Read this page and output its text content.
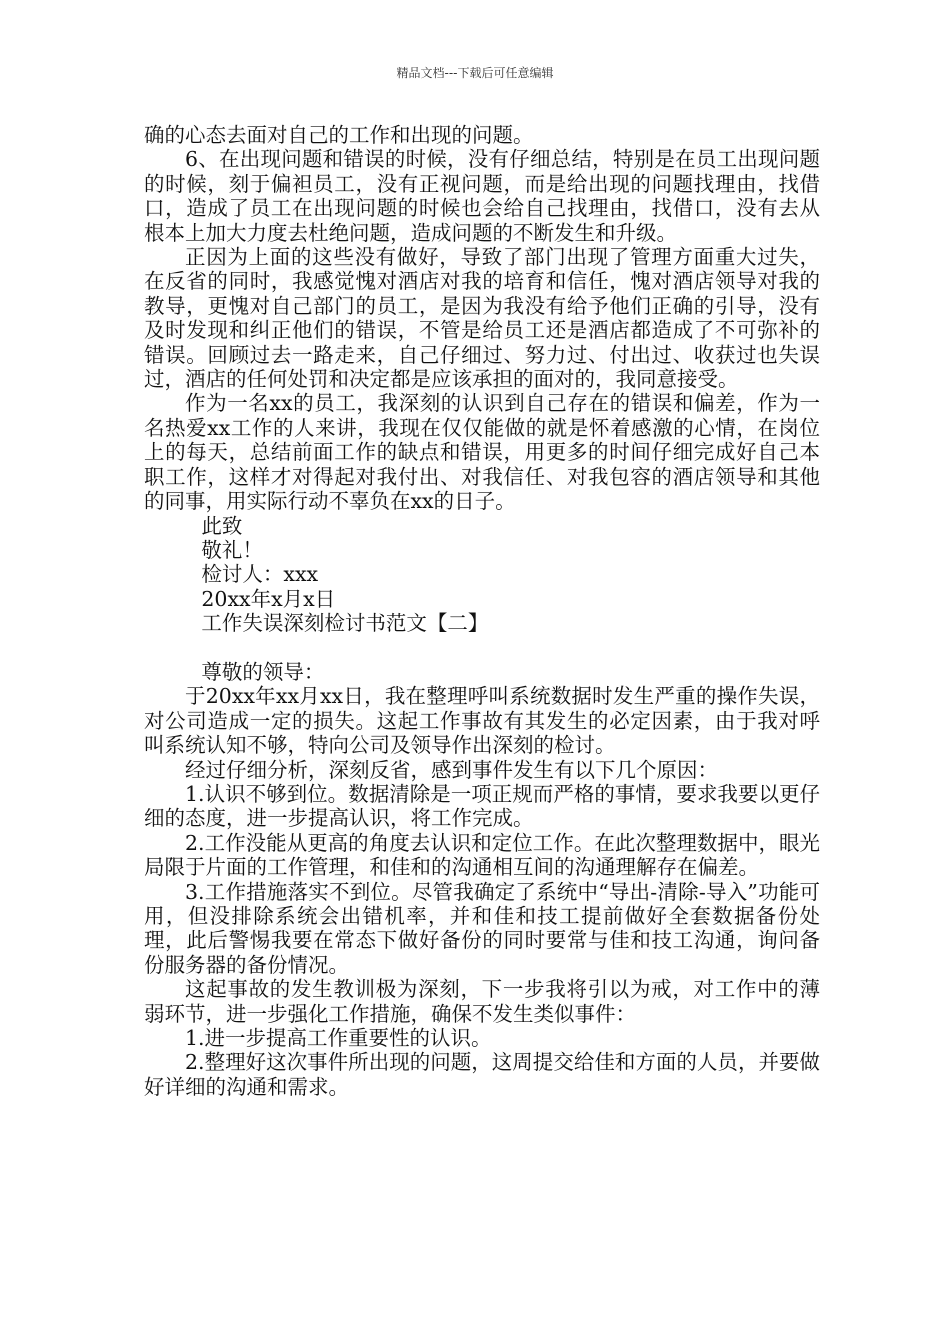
精品文档---下载后可任意编辑

确的心态去面对自己的工作和出现的问题。

6、在出现问题和错误的时候，没有仔细总结，特别是在员工出现问题的时候，刻于偏袒员工，没有正视问题，而是给出现的问题找理由，找借口，造成了员工在出现问题的时候也会给自己找理由，找借口，没有去从根本上加大力度去杜绝问题，造成问题的不断发生和升级。

正因为上面的这些没有做好，导致了部门出现了管理方面重大过失，在反省的同时，我感觉愧对酒店对我的培育和信任，愧对酒店领导对我的教导，更愧对自己部门的员工，是因为我没有给予他们正确的引导，没有及时发现和纠正他们的错误，不管是给员工还是酒店都造成了不可弥补的错误。回顾过去一路走来，自己仔细过、努力过、付出过、收获过也失误过，酒店的任何处罚和决定都是应该承担的面对的，我同意接受。

作为一名xx的员工，我深刻的认识到自己存在的错误和偏差，作为一名热爱xx工作的人来讲，我现在仅仅能做的就是怀着感激的心情，在岗位上的每天，总结前面工作的缺点和错误，用更多的时间仔细完成好自己本职工作，这样才对得起对我付出、对我信任、对我包容的酒店领导和其他的同事，用实际行动不辜负在xx的日子。

此致

敬礼！

检讨人：xxx

20xx年x月x日

工作失误深刻检讨书范文【二】

尊敬的领导：

于20xx年xx月xx日，我在整理呼叫系统数据时发生严重的操作失误，对公司造成一定的损失。这起工作事故有其发生的必定因素，由于我对呼叫系统认知不够，特向公司及领导作出深刻的检讨。

经过仔细分析，深刻反省，感到事件发生有以下几个原因：

1.认识不够到位。数据清除是一项正规而严格的事情，要求我要以更仔细的态度，进一步提高认识，将工作完成。

2.工作没能从更高的角度去认识和定位工作。在此次整理数据中，眼光局限于片面的工作管理，和佳和的沟通相互间的沟通理解存在偏差。

3.工作措施落实不到位。尽管我确定了系统中“导出-清除-导入”功能可用，但没排除系统会出错机率，并和佳和技工提前做好全套数据备份处理，此后警惕我要在常态下做好备份的同时要常与佳和技工沟通，询问备份服务器的备份情况。

这起事故的发生教训极为深刻，下一步我将引以为戒，对工作中的薄弱环节，进一步强化工作措施，确保不发生类似事件：

1.进一步提高工作重要性的认识。

2.整理好这次事件所出现的问题，这周提交给佳和方面的人员，并要做好详细的沟通和需求。
